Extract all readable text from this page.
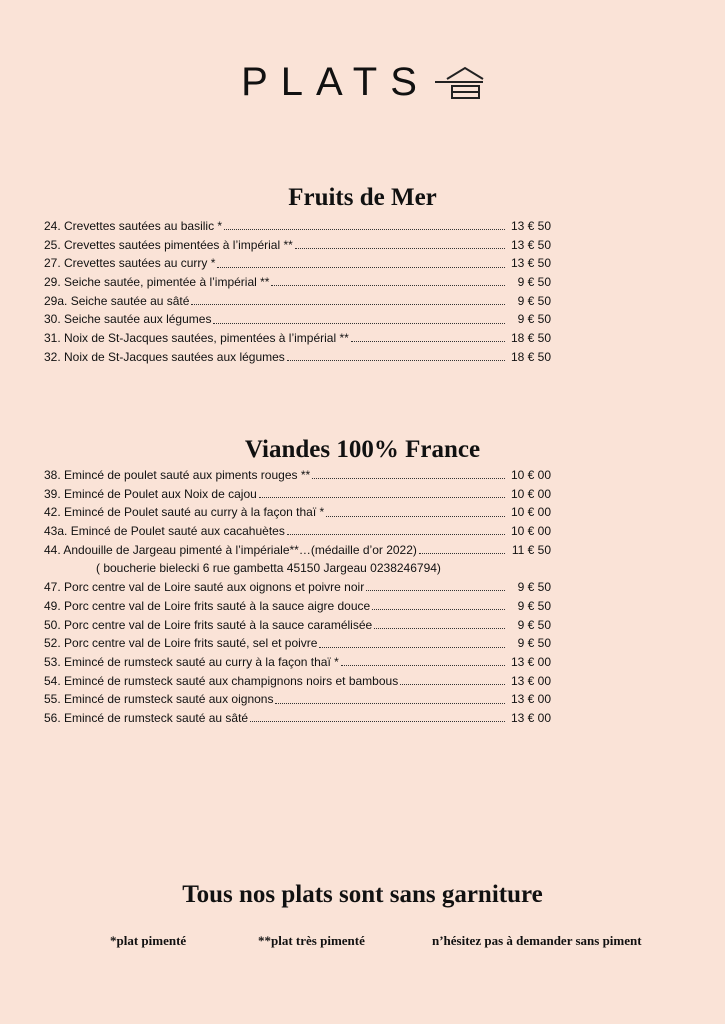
PLATS
Fruits de Mer
24. Crevettes sautées au basilic *	13 € 50
25. Crevettes sautées pimentées à l’impérial **	13 € 50
27. Crevettes sautées au curry *	13 € 50
29. Seiche sautée, pimentée à l’impérial **	9 € 50
29a. Seiche sautée au sâté	9 € 50
30. Seiche sautée aux légumes	9 € 50
31. Noix de St-Jacques sautées, pimentées à l’impérial **	18 € 50
32. Noix de St-Jacques sautées aux légumes	18 € 50
Viandes 100% France
38. Emincé de poulet sauté aux piments rouges **	10 € 00
39. Emincé de Poulet aux Noix de cajou	10 € 00
42. Emincé de Poulet sauté au curry à la façon thaï *	10 € 00
43a. Emincé de Poulet sauté aux cacahuètes	10 € 00
44. Andouille de Jargeau pimenté à l’impériale**…(médaille d’or 2022)	11 € 50
( boucherie bielecki 6 rue gambetta 45150 Jargeau 0238246794)
47. Porc centre val de Loire sauté aux oignons et poivre noir	9 € 50
49. Porc centre val de Loire frits sauté à la sauce aigre douce	9 € 50
50. Porc centre val de Loire frits sauté à la sauce caramélisée	9 € 50
52. Porc centre val de Loire frits sauté, sel et poivre	9 € 50
53. Emincé de rumsteck sauté au curry à la façon thaï *	13 € 00
54. Emincé de rumsteck sauté aux champignons noirs et bambous	13 € 00
55. Emincé de rumsteck sauté aux oignons	13 € 00
56. Emincé de rumsteck sauté au sâté	13 € 00
Tous nos plats sont sans garniture
*plat pimenté	**plat très pimenté	n’hésitez pas à demander sans piment
